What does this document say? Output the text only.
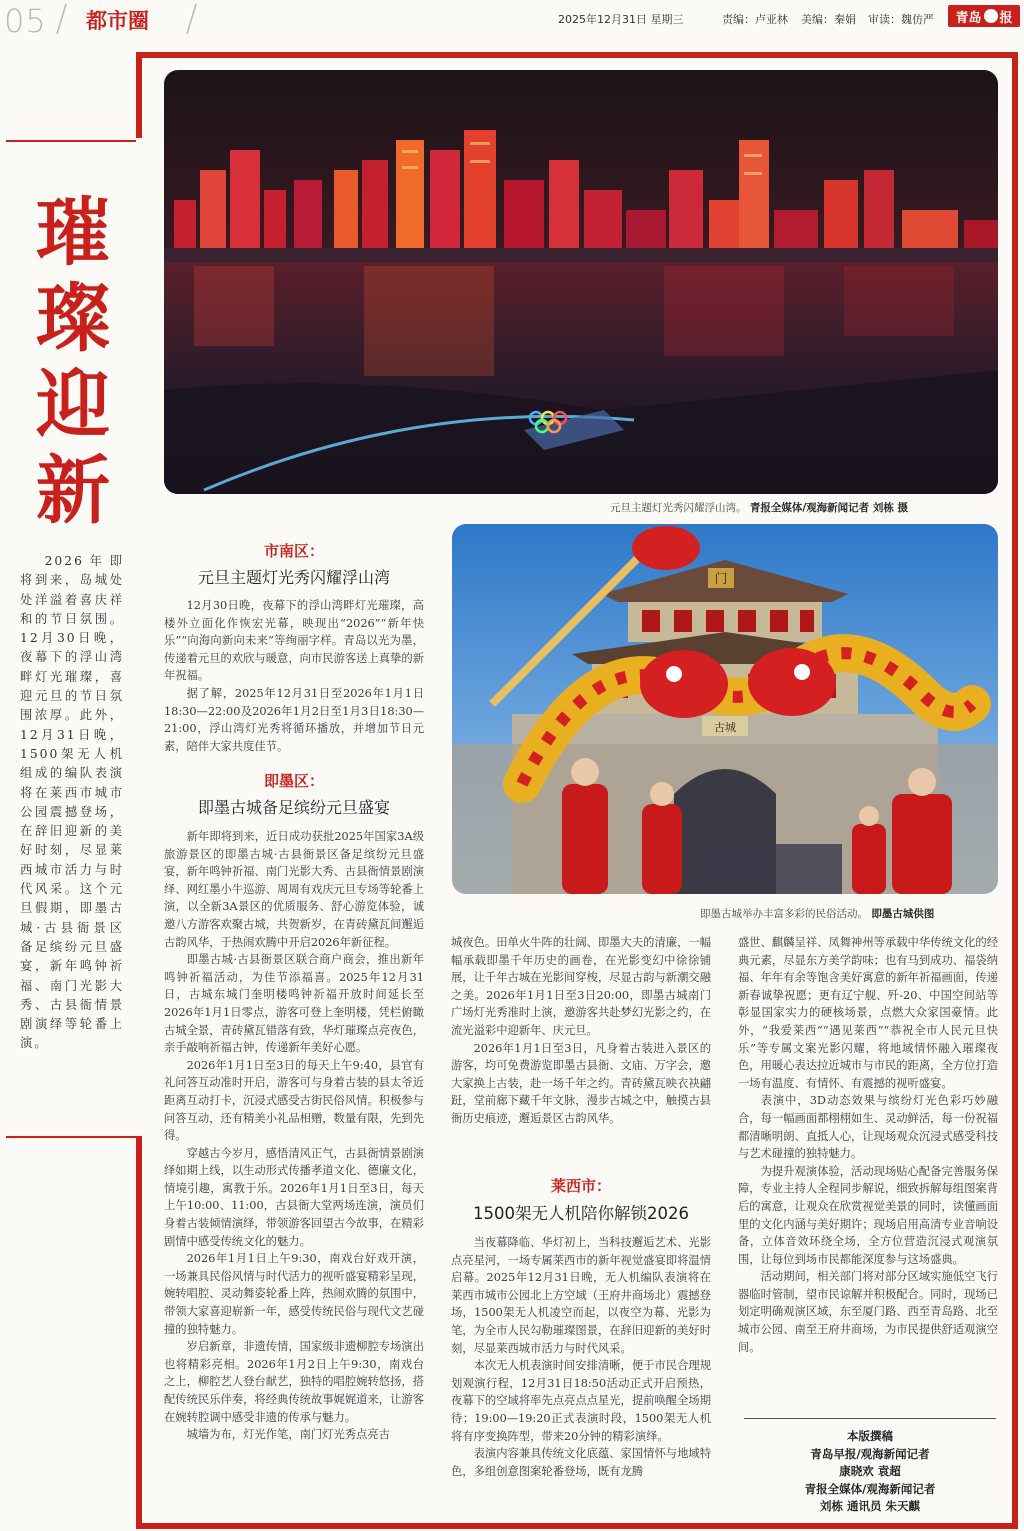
05 都市圈	2025年12月31日 星期三	责编：卢亚林 美编：秦娟 审读：魏仿严 青岛 报
璀
璨
迎
新
2026年即将到来，岛城处处洋溢着喜庆祥和的节日氛围。12月30日晚，夜幕下的浮山湾畔灯光璀璨，喜迎元旦的节日氛围浓厚。此外，12月31日晚，1500架无人机组成的编队表演将在莱西市城市公园震撼登场，在辞旧迎新的美好时刻，尽显莱西城市活力与时代风采。这个元旦假期，即墨古城·古县衙景区备足缤纷元旦盛宴，新年鸣钟祈福、南门光影大秀、古县衙情景剧演绎等轮番上演。
元旦主题灯光秀闪耀浮山湾。 青报全媒体/观海新闻记者 刘栋 摄
门
古城
即墨古城举办丰富多彩的民俗活动。 即墨古城供图
市南区：
元旦主题灯光秀闪耀浮山湾

12月30日晚，夜幕下的浮山湾畔灯光璀璨，高楼外立面化作恢宏光幕，映现出“2026”“新年快乐”“向海向新向未来”等绚丽字样。青岛以光为墨，传递着元旦的欢欣与暖意，向市民游客送上真挚的新年祝福。

据了解，2025年12月31日至2026年1月1日18:30—22:00及2026年1月2日至1月3日18:30—21:00，浮山湾灯光秀将循环播放，并增加节日元素，陪伴大家共度佳节。

即墨区：
即墨古城备足缤纷元旦盛宴

新年即将到来，近日成功获批2025年国家3A级旅游景区的即墨古城·古县衙景区备足缤纷元旦盛宴，新年鸣钟祈福、南门光影大秀、古县衙情景剧演绎、网红墨小牛巡游、周周有戏庆元旦专场等轮番上演，以全新3A景区的优质服务、舒心游览体验，诚邀八方游客欢聚古城，共贺新岁，在青砖黛瓦间邂逅古韵风华，于热闹欢腾中开启2026年新征程。

即墨古城·古县衙景区联合商户商会，推出新年鸣钟祈福活动，为佳节添福喜。2025年12月31日，古城东城门奎明楼鸣钟祈福开放时间延长至2026年1月1日零点，游客可登上奎明楼，凭栏俯瞰古城全景，青砖黛瓦错落有致，华灯璀璨点亮夜色，亲手敲响祈福古钟，传递新年美好心愿。

2026年1月1日至3日的每天上午9:40，县官有礼问答互动准时开启，游客可与身着古装的县太爷近距离互动打卡，沉浸式感受古街民俗风情。积极参与问答互动，还有精美小礼品相赠，数量有限，先到先得。

穿越古今岁月，感悟清风正气，古县衙情景剧演绎如期上线，以生动形式传播孝道文化、德廉文化，情境引趣，寓教于乐。2026年1月1日至3日，每天上午10:00、11:00，古县衙大堂两场连演，演员们身着古装倾情演绎，带领游客回望古今故事，在精彩剧情中感受传统文化的魅力。

2026年1月1日上午9:30，南戏台好戏开演，一场兼具民俗风情与时代活力的视听盛宴精彩呈现，婉转唱腔、灵动舞姿轮番上阵，热闹欢腾的氛围中，带领大家喜迎崭新一年，感受传统民俗与现代文艺碰撞的独特魅力。

岁启新章，非遗传情，国家级非遗柳腔专场演出也将精彩亮相。2026年1月2日上午9:30，南戏台之上，柳腔艺人登台献艺，独特的唱腔婉转悠扬，搭配传统民乐伴奏，将经典传统故事娓娓道来，让游客在婉转腔调中感受非遗的传承与魅力。

城墙为布，灯光作笔，南门灯光秀点亮古

城夜色。田单火牛阵的壮阔、即墨大夫的清廉，一幅幅承载即墨千年历史的画卷，在光影变幻中徐徐铺展，让千年古城在光影间穿梭，尽显古韵与新潮交融之美。2026年1月1日至3日20:00，即墨古城南门广场灯光秀准时上演，邀游客共赴梦幻光影之约，在流光溢彩中迎新年、庆元旦。

2026年1月1日至3日，凡身着古装进入景区的游客，均可免费游览即墨古县衙、文庙、万字会，邀大家换上古装，赴一场千年之约。青砖黛瓦映衣袂翩跹，堂前廊下藏千年文脉，漫步古城之中，触摸古县衙历史痕迹，邂逅景区古韵风华。

莱西市：
1500架无人机陪你解锁2026

当夜幕降临、华灯初上，当科技邂逅艺术、光影点亮星河，一场专属莱西市的新年视觉盛宴即将温情启幕。2025年12月31日晚，无人机编队表演将在莱西市城市公园北上方空域（王府井商场北）震撼登场，1500架无人机凌空而起，以夜空为幕、光影为笔，为全市人民勾勒璀璨图景，在辞旧迎新的美好时刻，尽显莱西城市活力与时代风采。

本次无人机表演时间安排清晰，便于市民合理规划观演行程，12月31日18:50活动正式开启预热，夜幕下的空域将率先点亮点点星光，提前唤醒全场期待；19:00—19:20正式表演时段，1500架无人机将有序变换阵型，带来20分钟的精彩演绎。

表演内容兼具传统文化底蕴、家国情怀与地域特色，多组创意图案轮番登场，既有龙腾

盛世、麒麟呈祥、凤舞神州等承载中华传统文化的经典元素，尽显东方美学韵味；也有马到成功、福袋纳福、年年有余等饱含美好寓意的新年祈福画面，传递新春诚挚祝愿；更有辽宁舰、歼-20、中国空间站等彰显国家实力的硬核场景，点燃大众家国豪情。此外，“我爱莱西”“遇见莱西”“恭祝全市人民元旦快乐”等专属文案光影闪耀，将地域情怀融入璀璨夜色，用暖心表达拉近城市与市民的距离，全方位打造一场有温度、有情怀、有震撼的视听盛宴。

表演中，3D动态效果与缤纷灯光色彩巧妙融合，每一幅画面都栩栩如生、灵动鲜活，每一份祝福都清晰明朗、直抵人心，让现场观众沉浸式感受科技与艺术碰撞的独特魅力。

为提升观演体验，活动现场贴心配备完善服务保障，专业主持人全程同步解说，细致拆解每组图案背后的寓意，让观众在欣赏视觉美景的同时，读懂画面里的文化内涵与美好期许；现场启用高清专业音响设备，立体音效环绕全场，全方位营造沉浸式观演氛围，让每位到场市民都能深度参与这场盛典。

活动期间，相关部门将对部分区域实施低空飞行器临时管制，望市民谅解并积极配合。同时，现场已划定明确观演区域，东至厦门路、西至青岛路、北至城市公园、南至王府井商场，为市民提供舒适观演空间。

本版撰稿
青岛早报/观海新闻记者
康晓欢 袁超
青报全媒体/观海新闻记者
刘栋 通讯员 朱天麒
